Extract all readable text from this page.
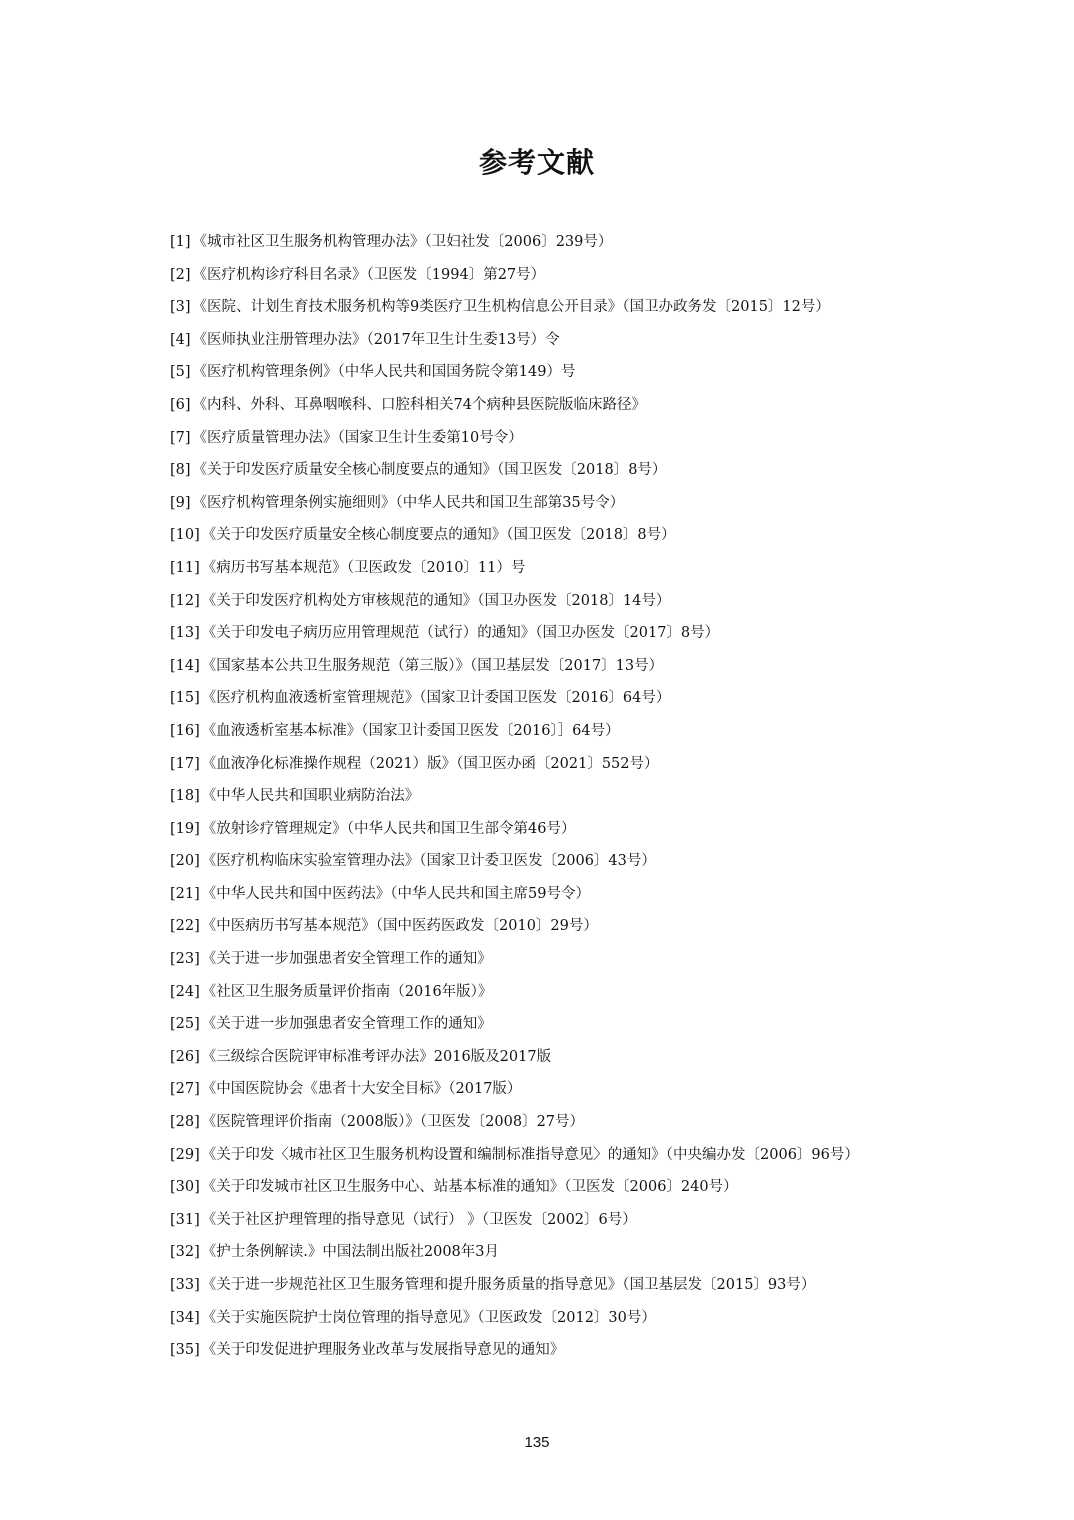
参考文献
[1] 《城市社区卫生服务机构管理办法》（卫妇社发〔2006〕239号）
[2] 《医疗机构诊疗科目名录》（卫医发〔1994〕第27号）
[3] 《医院、计划生育技术服务机构等9类医疗卫生机构信息公开目录》（国卫办政务发〔2015〕12号）
[4] 《医师执业注册管理办法》（2017年卫生计生委13号）令
[5] 《医疗机构管理条例》（中华人民共和国国务院令第149）号
[6] 《内科、外科、耳鼻咽喉科、口腔科相关74个病种县医院版临床路径》
[7] 《医疗质量管理办法》（国家卫生计生委第10号令）
[8] 《关于印发医疗质量安全核心制度要点的通知》（国卫医发〔2018〕8号）
[9] 《医疗机构管理条例实施细则》（中华人民共和国卫生部第35号令）
[10] 《关于印发医疗质量安全核心制度要点的通知》（国卫医发〔2018〕8号）
[11] 《病历书写基本规范》（卫医政发〔2010〕11）号
[12] 《关于印发医疗机构处方审核规范的通知》（国卫办医发〔2018〕14号）
[13] 《关于印发电子病历应用管理规范（试行）的通知》（国卫办医发〔2017〕8号）
[14] 《国家基本公共卫生服务规范（第三版）》（国卫基层发〔2017〕13号）
[15] 《医疗机构血液透析室管理规范》（国家卫计委国卫医发〔2016〕64号）
[16] 《血液透析室基本标准》（国家卫计委国卫医发〔2016〕］64号）
[17] 《血液净化标准操作规程（2021）版》（国卫医办函〔2021〕552号）
[18] 《中华人民共和国职业病防治法》
[19] 《放射诊疗管理规定》（中华人民共和国卫生部令第46号）
[20] 《医疗机构临床实验室管理办法》（国家卫计委卫医发〔2006〕43号）
[21] 《中华人民共和国中医药法》（中华人民共和国主席59号令）
[22] 《中医病历书写基本规范》（国中医药医政发〔2010〕29号）
[23] 《关于进一步加强患者安全管理工作的通知》
[24] 《社区卫生服务质量评价指南（2016年版）》
[25] 《关于进一步加强患者安全管理工作的通知》
[26] 《三级综合医院评审标准考评办法》2016版及2017版
[27] 《中国医院协会《患者十大安全目标》（2017版）
[28] 《医院管理评价指南（2008版）》（卫医发〔2008〕27号）
[29] 《关于印发〈城市社区卫生服务机构设置和编制标准指导意见〉的通知》（中央编办发〔2006〕96号）
[30] 《关于印发城市社区卫生服务中心、站基本标准的通知》（卫医发〔2006〕240号）
[31] 《关于社区护理管理的指导意见（试行） 》（卫医发〔2002〕6号）
[32] 《护士条例解读.》中国法制出版社2008年3月
[33] 《关于进一步规范社区卫生服务管理和提升服务质量的指导意见》（国卫基层发〔2015〕93号）
[34] 《关于实施医院护士岗位管理的指导意见》（卫医政发〔2012〕30号）
[35] 《关于印发促进护理服务业改革与发展指导意见的通知》
135
